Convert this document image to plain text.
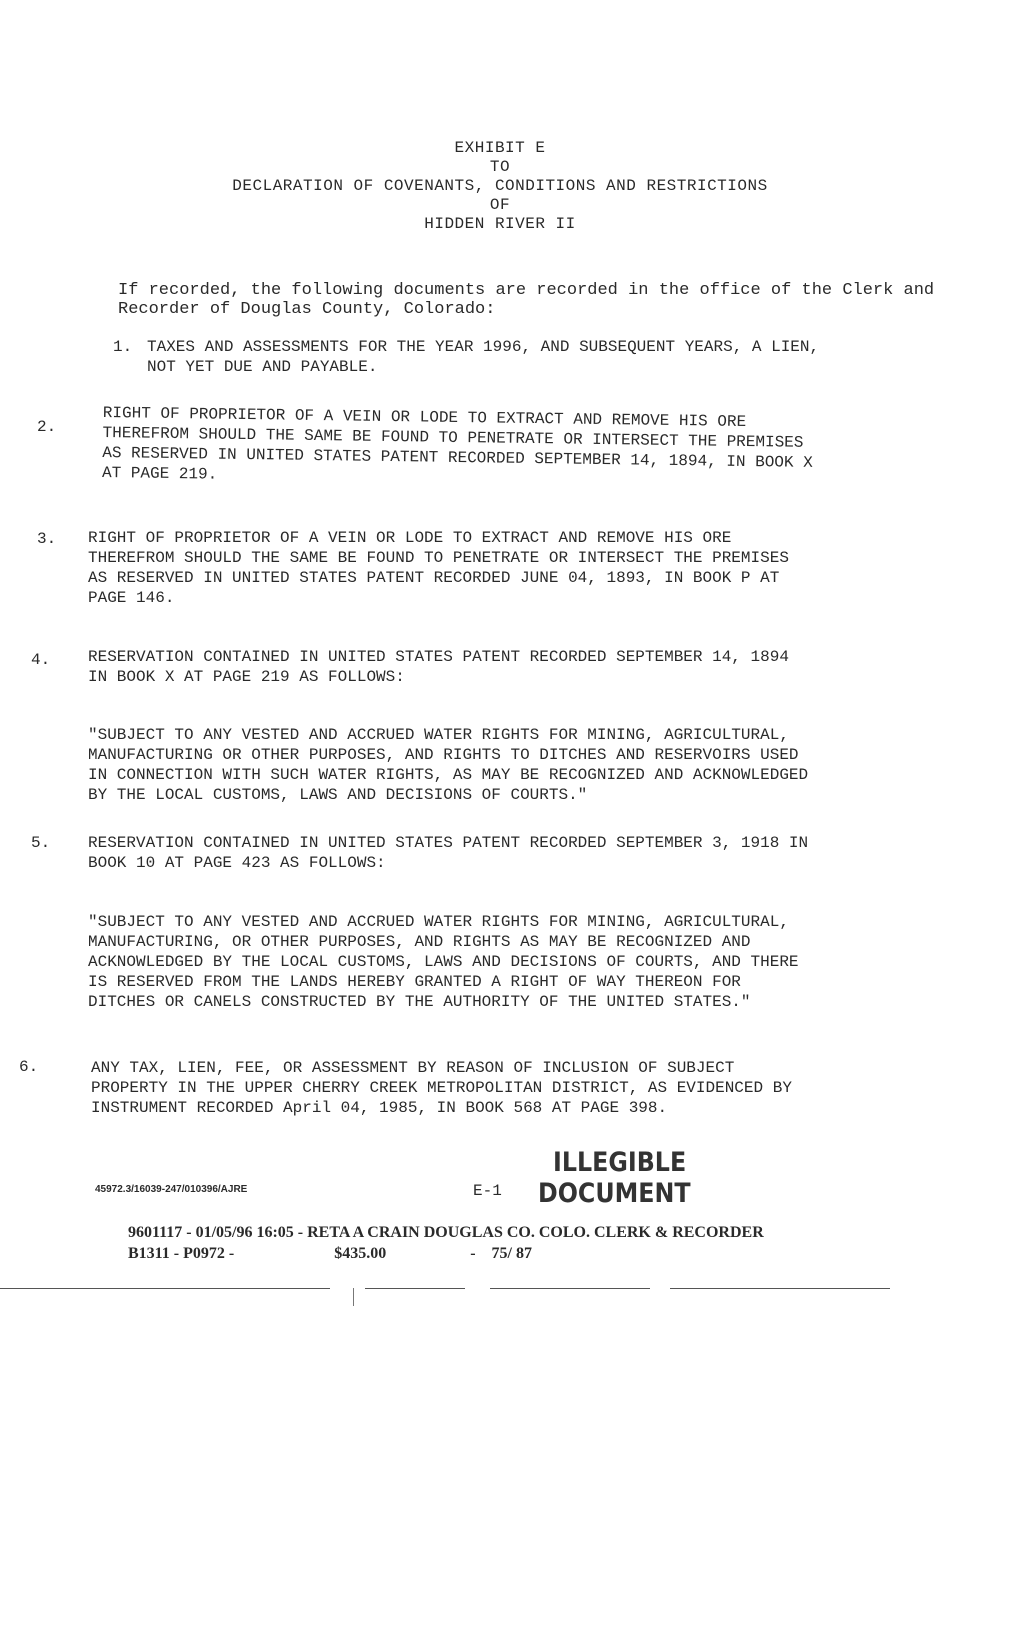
EXHIBIT E
TO
DECLARATION OF COVENANTS, CONDITIONS AND RESTRICTIONS
OF
HIDDEN RIVER II
If recorded, the following documents are recorded in the office of the Clerk and Recorder of Douglas County, Colorado:
1. TAXES AND ASSESSMENTS FOR THE YEAR 1996, AND SUBSEQUENT YEARS, A LIEN,
NOT YET DUE AND PAYABLE.
2.	RIGHT OF PROPRIETOR OF A VEIN OR LODE TO EXTRACT AND REMOVE HIS ORE
THEREFROM SHOULD THE SAME BE FOUND TO PENETRATE OR INTERSECT THE PREMISES
AS RESERVED IN UNITED STATES PATENT RECORDED SEPTEMBER 14, 1894, IN BOOK X
AT PAGE 219.
3. RIGHT OF PROPRIETOR OF A VEIN OR LODE TO EXTRACT AND REMOVE HIS ORE
THEREFROM SHOULD THE SAME BE FOUND TO PENETRATE OR INTERSECT THE PREMISES
AS RESERVED IN UNITED STATES PATENT RECORDED JUNE 04, 1893, IN BOOK P AT
PAGE 146.
4. RESERVATION CONTAINED IN UNITED STATES PATENT RECORDED SEPTEMBER 14, 1894
IN BOOK X AT PAGE 219 AS FOLLOWS:
"SUBJECT TO ANY VESTED AND ACCRUED WATER RIGHTS FOR MINING, AGRICULTURAL,
MANUFACTURING OR OTHER PURPOSES, AND RIGHTS TO DITCHES AND RESERVOIRS USED
IN CONNECTION WITH SUCH WATER RIGHTS, AS MAY BE RECOGNIZED AND ACKNOWLEDGED
BY THE LOCAL CUSTOMS, LAWS AND DECISIONS OF COURTS."
5. RESERVATION CONTAINED IN UNITED STATES PATENT RECORDED SEPTEMBER 3, 1918 IN
BOOK 10 AT PAGE 423 AS FOLLOWS:
"SUBJECT TO ANY VESTED AND ACCRUED WATER RIGHTS FOR MINING, AGRICULTURAL,
MANUFACTURING, OR OTHER PURPOSES, AND RIGHTS AS MAY BE RECOGNIZED AND
ACKNOWLEDGED BY THE LOCAL CUSTOMS, LAWS AND DECISIONS OF COURTS, AND THERE
IS RESERVED FROM THE LANDS HEREBY GRANTED A RIGHT OF WAY THEREON FOR
DITCHES OR CANELS CONSTRUCTED BY THE AUTHORITY OF THE UNITED STATES."
6.	ANY TAX, LIEN, FEE, OR ASSESSMENT BY REASON OF INCLUSION OF SUBJECT
PROPERTY IN THE UPPER CHERRY CREEK METROPOLITAN DISTRICT, AS EVIDENCED BY
INSTRUMENT RECORDED April 04, 1985, IN BOOK 568 AT PAGE 398.
45972.3/16039-247/010396/AJRE	E-1
ILLEGIBLE
DOCUMENT
9601117 - 01/05/96 16:05 - RETA A CRAIN DOUGLAS CO. COLO. CLERK & RECORDER
B1311 - P0972 -                         $435.00                     -    75/ 87
